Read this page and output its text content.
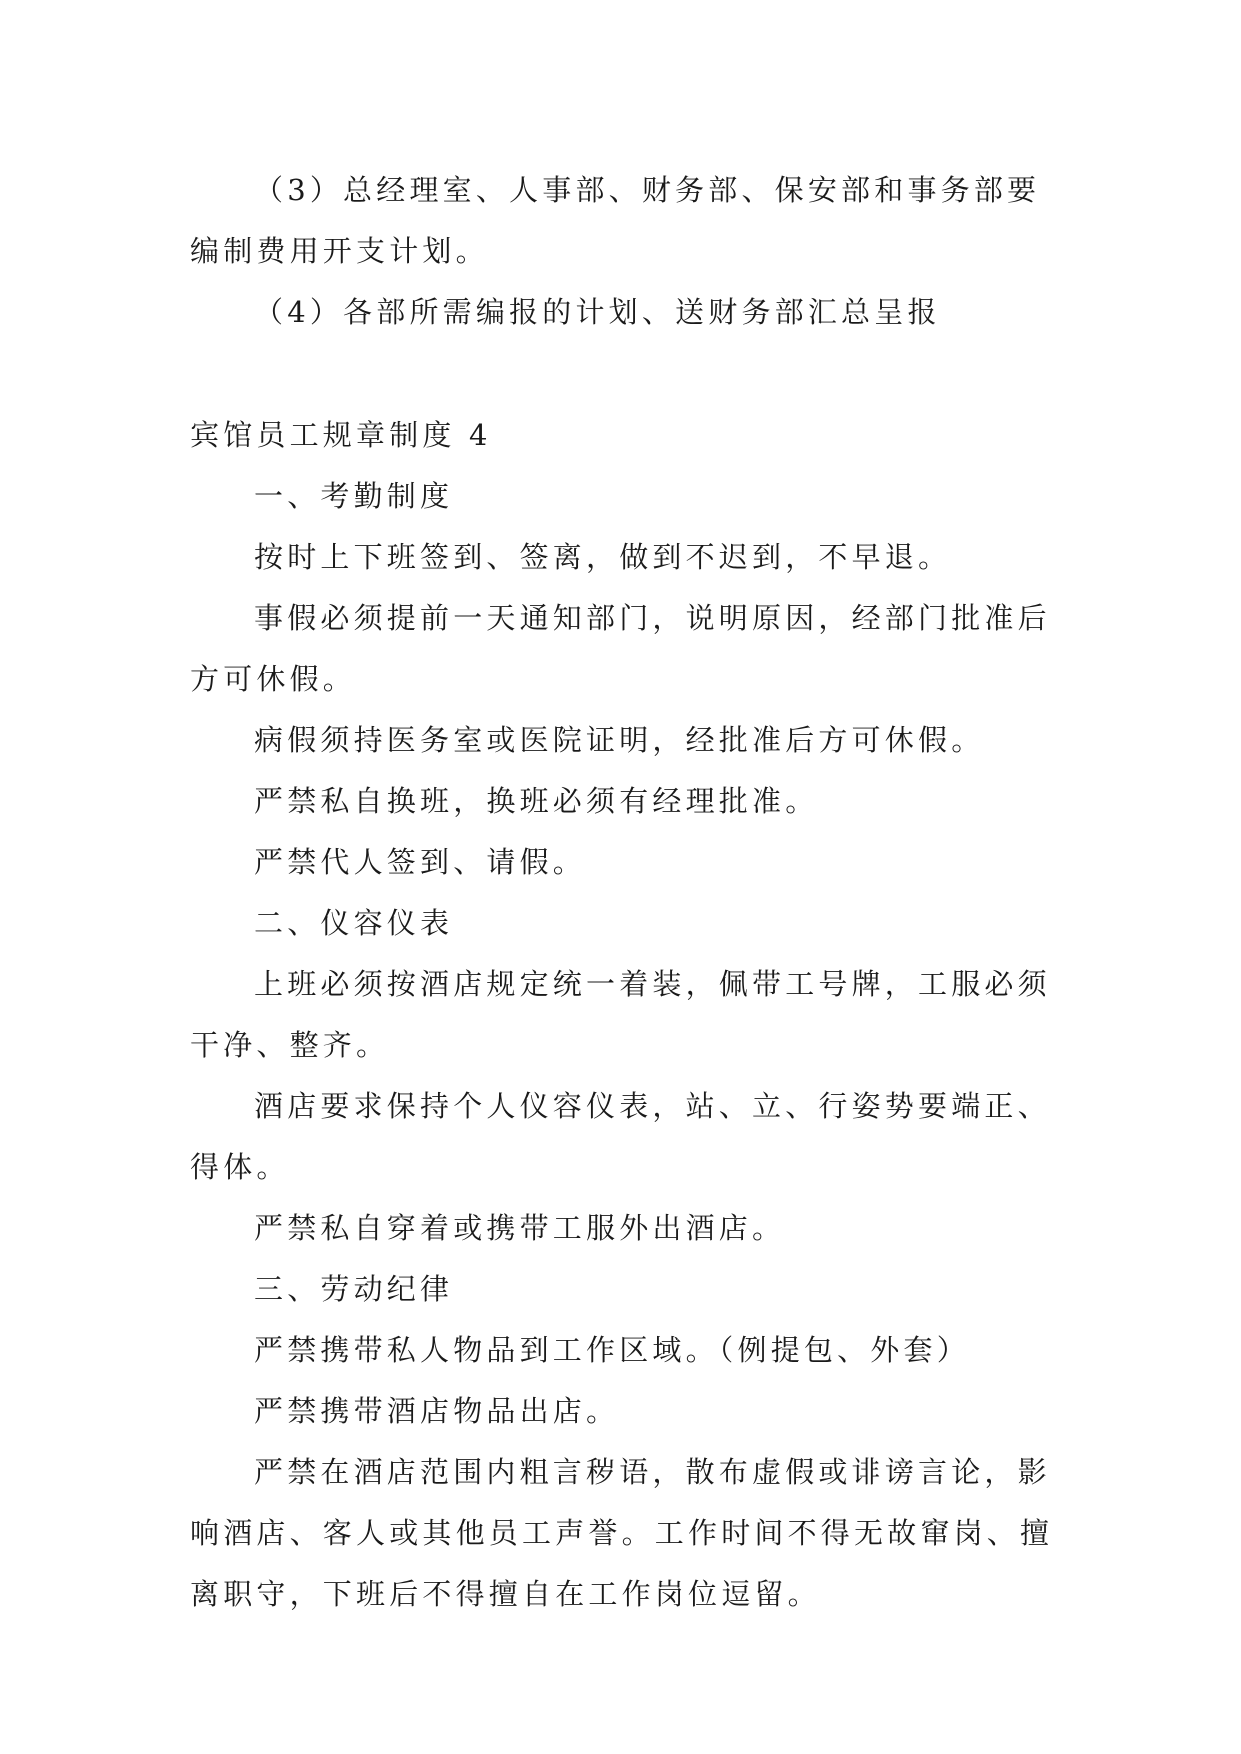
（3）总经理室、人事部、财务部、保安部和事务部要编制费用开支计划。

（4）各部所需编报的计划、送财务部汇总呈报

宾馆员工规章制度 4

一、考勤制度

按时上下班签到、签离，做到不迟到，不早退。

事假必须提前一天通知部门，说明原因，经部门批准后方可休假。

病假须持医务室或医院证明，经批准后方可休假。

严禁私自换班，换班必须有经理批准。

严禁代人签到、请假。

二、仪容仪表

上班必须按酒店规定统一着装，佩带工号牌，工服必须干净、整齐。

酒店要求保持个人仪容仪表，站、立、行姿势要端正、得体。

严禁私自穿着或携带工服外出酒店。

三、劳动纪律

严禁携带私人物品到工作区域。（例提包、外套）

严禁携带酒店物品出店。

严禁在酒店范围内粗言秽语，散布虚假或诽谤言论，影响酒店、客人或其他员工声誉。工作时间不得无故窜岗、擅离职守，下班后不得擅自在工作岗位逗留。
